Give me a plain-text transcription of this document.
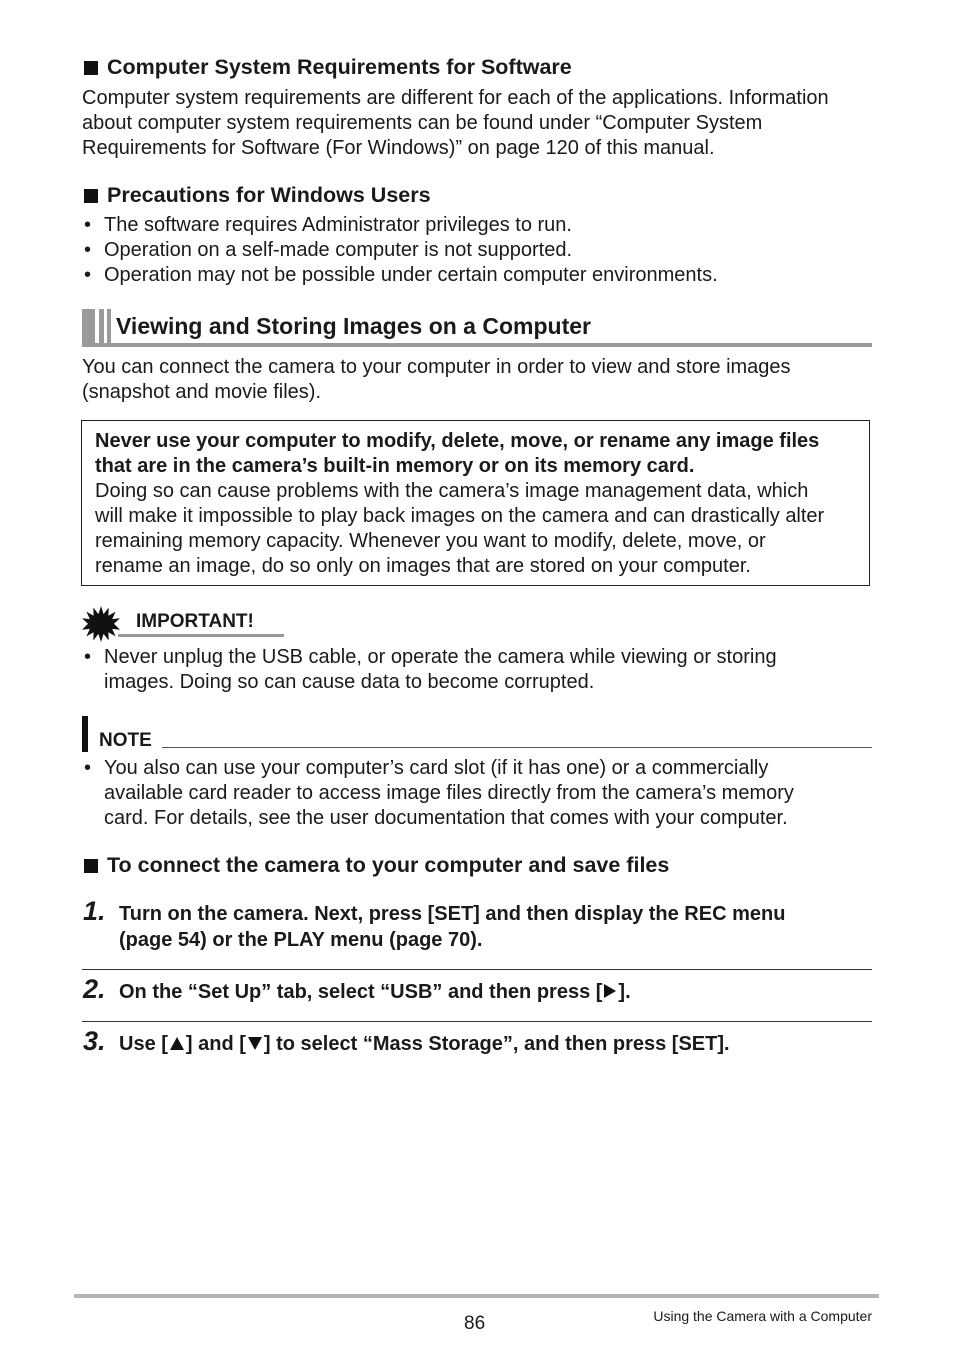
Computer System Requirements for Software
Computer system requirements are different for each of the applications. Information
about computer system requirements can be found under “Computer System
Requirements for Software (For Windows)” on page 120 of this manual.
Precautions for Windows Users
• The software requires Administrator privileges to run.
• Operation on a self-made computer is not supported.
• Operation may not be possible under certain computer environments.
Viewing and Storing Images on a Computer
You can connect the camera to your computer in order to view and store images
(snapshot and movie files).
Never use your computer to modify, delete, move, or rename any image files
that are in the camera’s built-in memory or on its memory card.
Doing so can cause problems with the camera’s image management data, which
will make it impossible to play back images on the camera and can drastically alter
remaining memory capacity. Whenever you want to modify, delete, move, or
rename an image, do so only on images that are stored on your computer.
IMPORTANT!
• Never unplug the USB cable, or operate the camera while viewing or storing
images. Doing so can cause data to become corrupted.
NOTE
• You also can use your computer’s card slot (if it has one) or a commercially
available card reader to access image files directly from the camera’s memory
card. For details, see the user documentation that comes with your computer.
To connect the camera to your computer and save files
1. Turn on the camera. Next, press [SET] and then display the REC menu
(page 54) or the PLAY menu (page 70).
2. On the “Set Up” tab, select “USB” and then press [ ].
3. Use [ ] and [ ] to select “Mass Storage”, and then press [SET].
86	Using the Camera with a Computer
